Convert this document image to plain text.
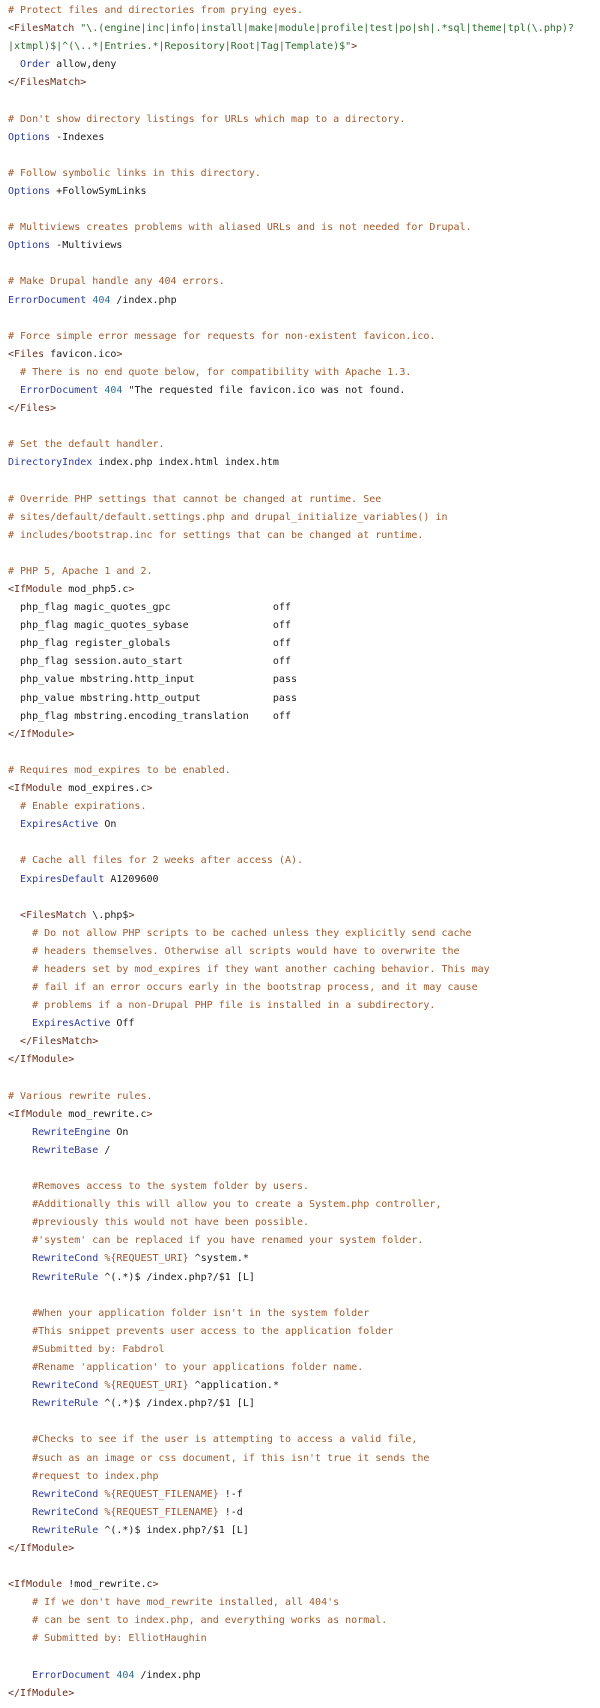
# Protect files and directories from prying eyes.
<FilesMatch "\.(engine|inc|info|install|make|module|profile|test|po|sh|.*sql|theme|tpl(\.php)?
|xtmpl)$|^(\..*|Entries.*|Repository|Root|Tag|Template)$">
Order allow,deny
</FilesMatch>
# Don't show directory listings for URLs which map to a directory.
Options -Indexes
# Follow symbolic links in this directory.
Options +FollowSymLinks
# Multiviews creates problems with aliased URLs and is not needed for Drupal.
Options -Multiviews
# Make Drupal handle any 404 errors.
ErrorDocument 404 /index.php
# Force simple error message for requests for non-existent favicon.ico.
<Files favicon.ico>
# There is no end quote below, for compatibility with Apache 1.3.
ErrorDocument 404 "The requested file favicon.ico was not found.
</Files>
# Set the default handler.
DirectoryIndex index.php index.html index.htm
# Override PHP settings that cannot be changed at runtime. See
# sites/default/default.settings.php and drupal_initialize_variables() in
# includes/bootstrap.inc for settings that can be changed at runtime.
# PHP 5, Apache 1 and 2.
<IfModule mod_php5.c>
php_flag magic_quotes_gpc                 off
php_flag magic_quotes_sybase              off
php_flag register_globals                 off
php_flag session.auto_start               off
php_value mbstring.http_input             pass
php_value mbstring.http_output            pass
php_flag mbstring.encoding_translation    off
</IfModule>
# Requires mod_expires to be enabled.
<IfModule mod_expires.c>
# Enable expirations.
ExpiresActive On
# Cache all files for 2 weeks after access (A).
ExpiresDefault A1209600
<FilesMatch \.php$>
# Do not allow PHP scripts to be cached unless they explicitly send cache
# headers themselves. Otherwise all scripts would have to overwrite the
# headers set by mod_expires if they want another caching behavior. This may
# fail if an error occurs early in the bootstrap process, and it may cause
# problems if a non-Drupal PHP file is installed in a subdirectory.
ExpiresActive Off
</FilesMatch>
</IfModule>
# Various rewrite rules.
<IfModule mod_rewrite.c>
RewriteEngine On
RewriteBase /
#Removes access to the system folder by users.
#Additionally this will allow you to create a System.php controller,
#previously this would not have been possible.
#'system' can be replaced if you have renamed your system folder.
RewriteCond %{REQUEST_URI} ^system.*
RewriteRule ^(.*)$ /index.php?/$1 [L]
#When your application folder isn't in the system folder
#This snippet prevents user access to the application folder
#Submitted by: Fabdrol
#Rename 'application' to your applications folder name.
RewriteCond %{REQUEST_URI} ^application.*
RewriteRule ^(.*)$ /index.php?/$1 [L]
#Checks to see if the user is attempting to access a valid file,
#such as an image or css document, if this isn't true it sends the
#request to index.php
RewriteCond %{REQUEST_FILENAME} !-f
RewriteCond %{REQUEST_FILENAME} !-d
RewriteRule ^(.*)$ index.php?/$1 [L]
</IfModule>
<IfModule !mod_rewrite.c>
# If we don't have mod_rewrite installed, all 404's
# can be sent to index.php, and everything works as normal.
# Submitted by: ElliotHaughin
ErrorDocument 404 /index.php
</IfModule>
